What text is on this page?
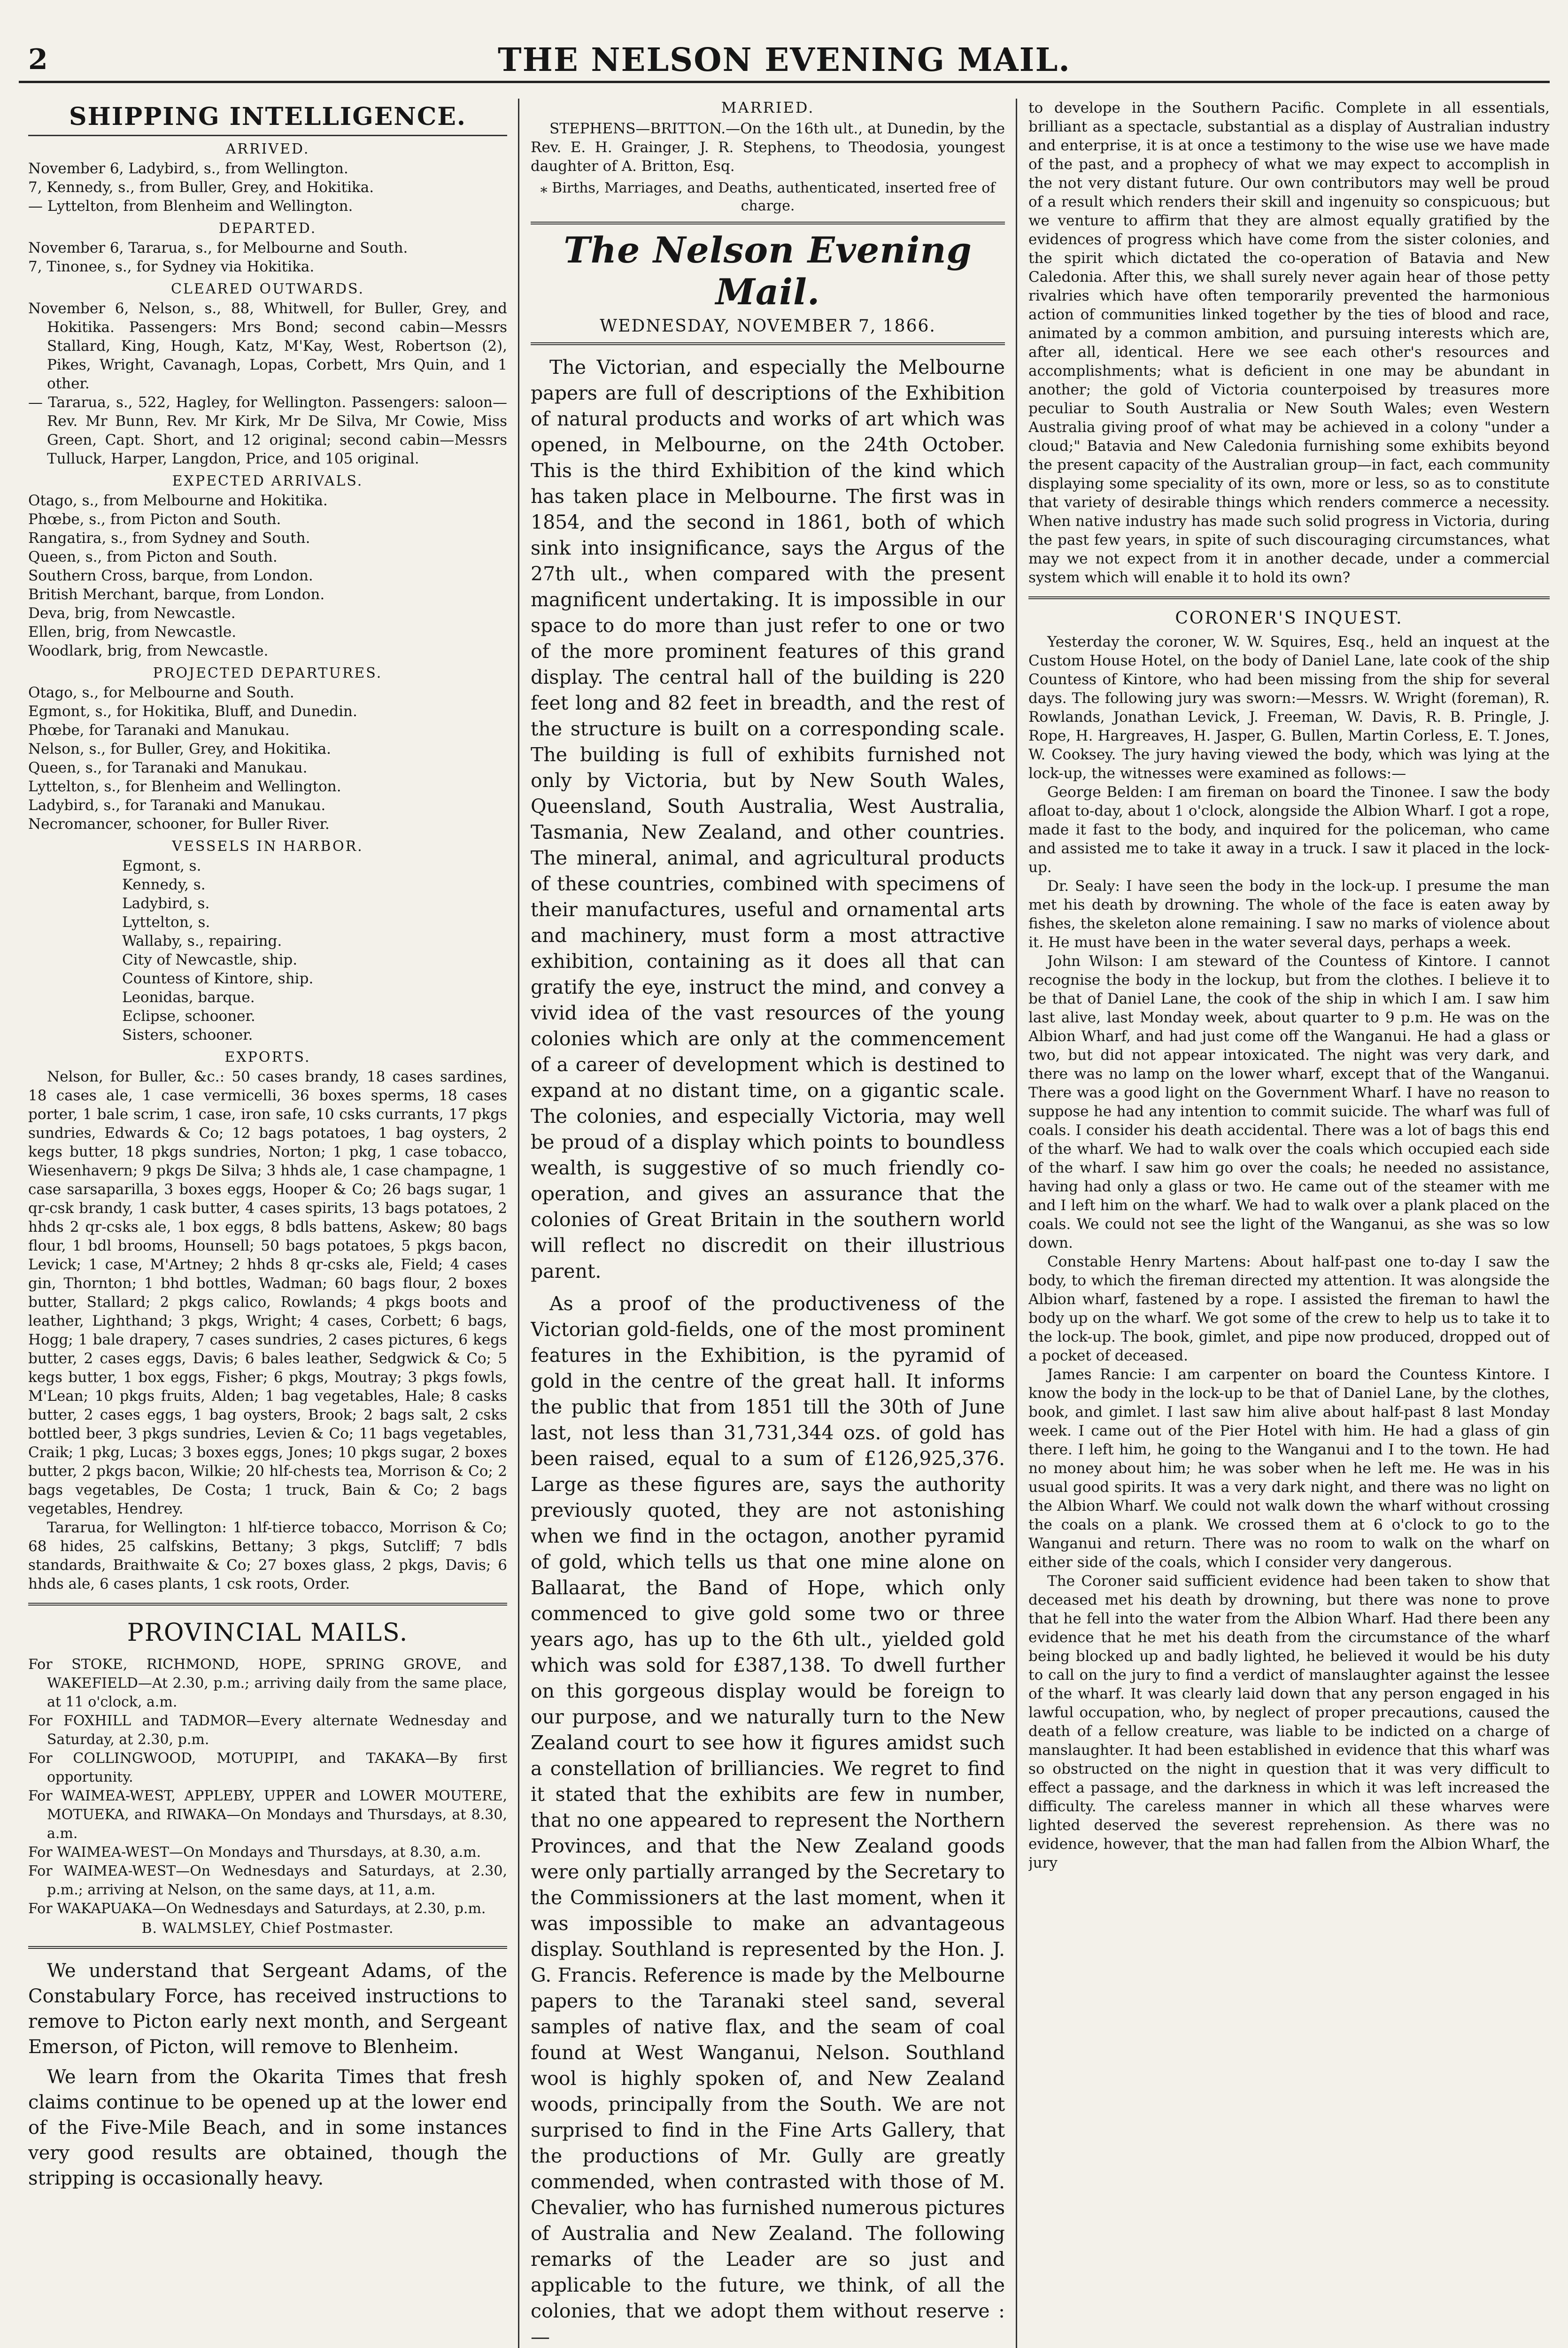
2	THE NELSON EVENING MAIL.
SHIPPING INTELLIGENCE.
ARRIVED.

November 6, Ladybird, s., from Wellington.

7, Kennedy, s., from Buller, Grey, and Hokitika.

— Lyttelton, from Blenheim and Wellington.

DEPARTED.

November 6, Tararua, s., for Melbourne and South.

7, Tinonee, s., for Sydney via Hokitika.

CLEARED OUTWARDS.

November 6, Nelson, s., 88, Whitwell, for Buller, Grey, and Hokitika. Passengers: Mrs Bond; second cabin—Messrs Stallard, King, Hough, Katz, M'Kay, West, Robertson (2), Pikes, Wright, Cavanagh, Lopas, Corbett, Mrs Quin, and 1 other.

— Tararua, s., 522, Hagley, for Wellington. Passengers: saloon—Rev. Mr Bunn, Rev. Mr Kirk, Mr De Silva, Mr Cowie, Miss Green, Capt. Short, and 12 original; second cabin—Messrs Tulluck, Harper, Langdon, Price, and 105 original.

EXPECTED ARRIVALS.

Otago, s., from Melbourne and Hokitika.

Phœbe, s., from Picton and South.

Rangatira, s., from Sydney and South.

Queen, s., from Picton and South.

Southern Cross, barque, from London.

British Merchant, barque, from London.

Deva, brig, from Newcastle.

Ellen, brig, from Newcastle.

Woodlark, brig, from Newcastle.

PROJECTED DEPARTURES.

Otago, s., for Melbourne and South.

Egmont, s., for Hokitika, Bluff, and Dunedin.

Phœbe, for Taranaki and Manukau.

Nelson, s., for Buller, Grey, and Hokitika.

Queen, s., for Taranaki and Manukau.

Lyttelton, s., for Blenheim and Wellington.

Ladybird, s., for Taranaki and Manukau.

Necromancer, schooner, for Buller River.

VESSELS IN HARBOR.
Egmont, s.
Kennedy, s.
Ladybird, s.
Lyttelton, s.
Wallaby, s., repairing.
City of Newcastle, ship.
Countess of Kintore, ship.
Leonidas, barque.
Eclipse, schooner.
Sisters, schooner.
EXPORTS.

Nelson, for Buller, &c.: 50 cases brandy, 18 cases sardines, 18 cases ale, 1 case vermicelli, 36 boxes sperms, 18 cases porter, 1 bale scrim, 1 case, iron safe, 10 csks currants, 17 pkgs sundries, Edwards & Co; 12 bags potatoes, 1 bag oysters, 2 kegs butter, 18 pkgs sundries, Norton; 1 pkg, 1 case tobacco, Wiesenhavern; 9 pkgs De Silva; 3 hhds ale, 1 case champagne, 1 case sarsaparilla, 3 boxes eggs, Hooper & Co; 26 bags sugar, 1 qr-csk brandy, 1 cask butter, 4 cases spirits, 13 bags potatoes, 2 hhds 2 qr-csks ale, 1 box eggs, 8 bdls battens, Askew; 80 bags flour, 1 bdl brooms, Hounsell; 50 bags potatoes, 5 pkgs bacon, Levick; 1 case, M'Artney; 2 hhds 8 qr-csks ale, Field; 4 cases gin, Thornton; 1 bhd bottles, Wadman; 60 bags flour, 2 boxes butter, Stallard; 2 pkgs calico, Rowlands; 4 pkgs boots and leather, Lighthand; 3 pkgs, Wright; 4 cases, Corbett; 6 bags, Hogg; 1 bale drapery, 7 cases sundries, 2 cases pictures, 6 kegs butter, 2 cases eggs, Davis; 6 bales leather, Sedgwick & Co; 5 kegs butter, 1 box eggs, Fisher; 6 pkgs, Moutray; 3 pkgs fowls, M'Lean; 10 pkgs fruits, Alden; 1 bag vegetables, Hale; 8 casks butter, 2 cases eggs, 1 bag oysters, Brook; 2 bags salt, 2 csks bottled beer, 3 pkgs sundries, Levien & Co; 11 bags vegetables, Craik; 1 pkg, Lucas; 3 boxes eggs, Jones; 10 pkgs sugar, 2 boxes butter, 2 pkgs bacon, Wilkie; 20 hlf-chests tea, Morrison & Co; 2 bags vegetables, De Costa; 1 truck, Bain & Co; 2 bags vegetables, Hendrey.

Tararua, for Wellington: 1 hlf-tierce tobacco, Morrison & Co; 68 hides, 25 calfskins, Bettany; 3 pkgs, Sutcliff; 7 bdls standards, Braithwaite & Co; 27 boxes glass, 2 pkgs, Davis; 6 hhds ale, 6 cases plants, 1 csk roots, Order.

PROVINCIAL MAILS.

For STOKE, RICHMOND, HOPE, SPRING GROVE, and WAKEFIELD—At 2.30, p.m.; arriving daily from the same place, at 11 o'clock, a.m.

For FOXHILL and TADMOR—Every alternate Wednesday and Saturday, at 2.30, p.m.

For COLLINGWOOD, MOTUPIPI, and TAKAKA—By first opportunity.

For WAIMEA-WEST, APPLEBY, UPPER and LOWER MOUTERE, MOTUEKA, and RIWAKA—On Mondays and Thursdays, at 8.30, a.m.

For WAIMEA-WEST—On Mondays and Thursdays, at 8.30, a.m.

For WAIMEA-WEST—On Wednesdays and Saturdays, at 2.30, p.m.; arriving at Nelson, on the same days, at 11, a.m.

For WAKAPUAKA—On Wednesdays and Saturdays, at 2.30, p.m.

B. WALMSLEY, Chief Postmaster.

We understand that Sergeant Adams, of the Constabulary Force, has received instructions to remove to Picton early next month, and Sergeant Emerson, of Picton, will remove to Blenheim.

We learn from the Okarita Times that fresh claims continue to be opened up at the lower end of the Five-Mile Beach, and in some instances very good results are obtained, though the stripping is occasionally heavy.

MARRIED.

STEPHENS—BRITTON.—On the 16th ult., at Dunedin, by the Rev. E. H. Grainger, J. R. Stephens, to Theodosia, youngest daughter of A. Britton, Esq.

⁎ Births, Marriages, and Deaths, authenticated, inserted free of charge.
The Nelson Evening Mail.
WEDNESDAY, NOVEMBER 7, 1866.

The Victorian, and especially the Melbourne papers are full of descriptions of the Exhibition of natural products and works of art which was opened, in Melbourne, on the 24th October. This is the third Exhibition of the kind which has taken place in Melbourne. The first was in 1854, and the second in 1861, both of which sink into insignificance, says the Argus of the 27th ult., when compared with the present magnificent undertaking. It is impossible in our space to do more than just refer to one or two of the more prominent features of this grand display. The central hall of the building is 220 feet long and 82 feet in breadth, and the rest of the structure is built on a corresponding scale. The building is full of exhibits furnished not only by Victoria, but by New South Wales, Queensland, South Australia, West Australia, Tasmania, New Zealand, and other countries. The mineral, animal, and agricultural products of these countries, combined with specimens of their manufactures, useful and ornamental arts and machinery, must form a most attractive exhibition, containing as it does all that can gratify the eye, instruct the mind, and convey a vivid idea of the vast resources of the young colonies which are only at the commencement of a career of development which is destined to expand at no distant time, on a gigantic scale. The colonies, and especially Victoria, may well be proud of a display which points to boundless wealth, is suggestive of so much friendly co-operation, and gives an assurance that the colonies of Great Britain in the southern world will reflect no discredit on their illustrious parent.

As a proof of the productiveness of the Victorian gold-fields, one of the most prominent features in the Exhibition, is the pyramid of gold in the centre of the great hall. It informs the public that from 1851 till the 30th of June last, not less than 31,731,344 ozs. of gold has been raised, equal to a sum of £126,925,376. Large as these figures are, says the authority previously quoted, they are not astonishing when we find in the octagon, another pyramid of gold, which tells us that one mine alone on Ballaarat, the Band of Hope, which only commenced to give gold some two or three years ago, has up to the 6th ult., yielded gold which was sold for £387,138. To dwell further on this gorgeous display would be foreign to our purpose, and we naturally turn to the New Zealand court to see how it figures amidst such a constellation of brilliancies. We regret to find it stated that the exhibits are few in number, that no one appeared to represent the Northern Provinces, and that the New Zealand goods were only partially arranged by the Secretary to the Commissioners at the last moment, when it was impossible to make an advantageous display. Southland is represented by the Hon. J. G. Francis. Reference is made by the Melbourne papers to the Taranaki steel sand, several samples of native flax, and the seam of coal found at West Wanganui, Nelson. Southland wool is highly spoken of, and New Zealand woods, principally from the South. We are not surprised to find in the Fine Arts Gallery, that the productions of Mr. Gully are greatly commended, when contrasted with those of M. Chevalier, who has furnished numerous pictures of Australia and New Zealand. The following remarks of the Leader are so just and applicable to the future, we think, of all the colonies, that we adopt them without reserve :—

to develope in the Southern Pacific. Complete in all essentials, brilliant as a spectacle, substantial as a display of Australian industry and enterprise, it is at once a testimony to the wise use we have made of the past, and a prophecy of what we may expect to accomplish in the not very distant future. Our own contributors may well be proud of a result which renders their skill and ingenuity so conspicuous; but we venture to affirm that they are almost equally gratified by the evidences of progress which have come from the sister colonies, and the spirit which dictated the co-operation of Batavia and New Caledonia. After this, we shall surely never again hear of those petty rivalries which have often temporarily prevented the harmonious action of communities linked together by the ties of blood and race, animated by a common ambition, and pursuing interests which are, after all, identical. Here we see each other's resources and accomplishments; what is deficient in one may be abundant in another; the gold of Victoria counterpoised by treasures more peculiar to South Australia or New South Wales; even Western Australia giving proof of what may be achieved in a colony "under a cloud;" Batavia and New Caledonia furnishing some exhibits beyond the present capacity of the Australian group—in fact, each community displaying some speciality of its own, more or less, so as to constitute that variety of desirable things which renders commerce a necessity. When native industry has made such solid progress in Victoria, during the past few years, in spite of such discouraging circumstances, what may we not expect from it in another decade, under a commercial system which will enable it to hold its own?

CORONER'S INQUEST.

Yesterday the coroner, W. W. Squires, Esq., held an inquest at the Custom House Hotel, on the body of Daniel Lane, late cook of the ship Countess of Kintore, who had been missing from the ship for several days. The following jury was sworn:—Messrs. W. Wright (foreman), R. Rowlands, Jonathan Levick, J. Freeman, W. Davis, R. B. Pringle, J. Rope, H. Hargreaves, H. Jasper, G. Bullen, Martin Corless, E. T. Jones, W. Cooksey. The jury having viewed the body, which was lying at the lock-up, the witnesses were examined as follows:—

George Belden: I am fireman on board the Tinonee. I saw the body afloat to-day, about 1 o'clock, alongside the Albion Wharf. I got a rope, made it fast to the body, and inquired for the policeman, who came and assisted me to take it away in a truck. I saw it placed in the lock-up.

Dr. Sealy: I have seen the body in the lock-up. I presume the man met his death by drowning. The whole of the face is eaten away by fishes, the skeleton alone remaining. I saw no marks of violence about it. He must have been in the water several days, perhaps a week.

John Wilson: I am steward of the Countess of Kintore. I cannot recognise the body in the lockup, but from the clothes. I believe it to be that of Daniel Lane, the cook of the ship in which I am. I saw him last alive, last Monday week, about quarter to 9 p.m. He was on the Albion Wharf, and had just come off the Wanganui. He had a glass or two, but did not appear intoxicated. The night was very dark, and there was no lamp on the lower wharf, except that of the Wanganui. There was a good light on the Government Wharf. I have no reason to suppose he had any intention to commit suicide. The wharf was full of coals. I consider his death accidental. There was a lot of bags this end of the wharf. We had to walk over the coals which occupied each side of the wharf. I saw him go over the coals; he needed no assistance, having had only a glass or two. He came out of the steamer with me and I left him on the wharf. We had to walk over a plank placed on the coals. We could not see the light of the Wanganui, as she was so low down.

Constable Henry Martens: About half-past one to-day I saw the body, to which the fireman directed my attention. It was alongside the Albion wharf, fastened by a rope. I assisted the fireman to hawl the body up on the wharf. We got some of the crew to help us to take it to the lock-up. The book, gimlet, and pipe now produced, dropped out of a pocket of deceased.

James Rancie: I am carpenter on board the Countess Kintore. I know the body in the lock-up to be that of Daniel Lane, by the clothes, book, and gimlet. I last saw him alive about half-past 8 last Monday week. I came out of the Pier Hotel with him. He had a glass of gin there. I left him, he going to the Wanganui and I to the town. He had no money about him; he was sober when he left me. He was in his usual good spirits. It was a very dark night, and there was no light on the Albion Wharf. We could not walk down the wharf without crossing the coals on a plank. We crossed them at 6 o'clock to go to the Wanganui and return. There was no room to walk on the wharf on either side of the coals, which I consider very dangerous.

The Coroner said sufficient evidence had been taken to show that deceased met his death by drowning, but there was none to prove that he fell into the water from the Albion Wharf. Had there been any evidence that he met his death from the circumstance of the wharf being blocked up and badly lighted, he believed it would be his duty to call on the jury to find a verdict of manslaughter against the lessee of the wharf. It was clearly laid down that any person engaged in his lawful occupation, who, by neglect of proper precautions, caused the death of a fellow creature, was liable to be indicted on a charge of manslaughter. It had been established in evidence that this wharf was so obstructed on the night in question that it was very difficult to effect a passage, and the darkness in which it was left increased the difficulty. The careless manner in which all these wharves were lighted deserved the severest reprehension. As there was no evidence, however, that the man had fallen from the Albion Wharf, the jury
